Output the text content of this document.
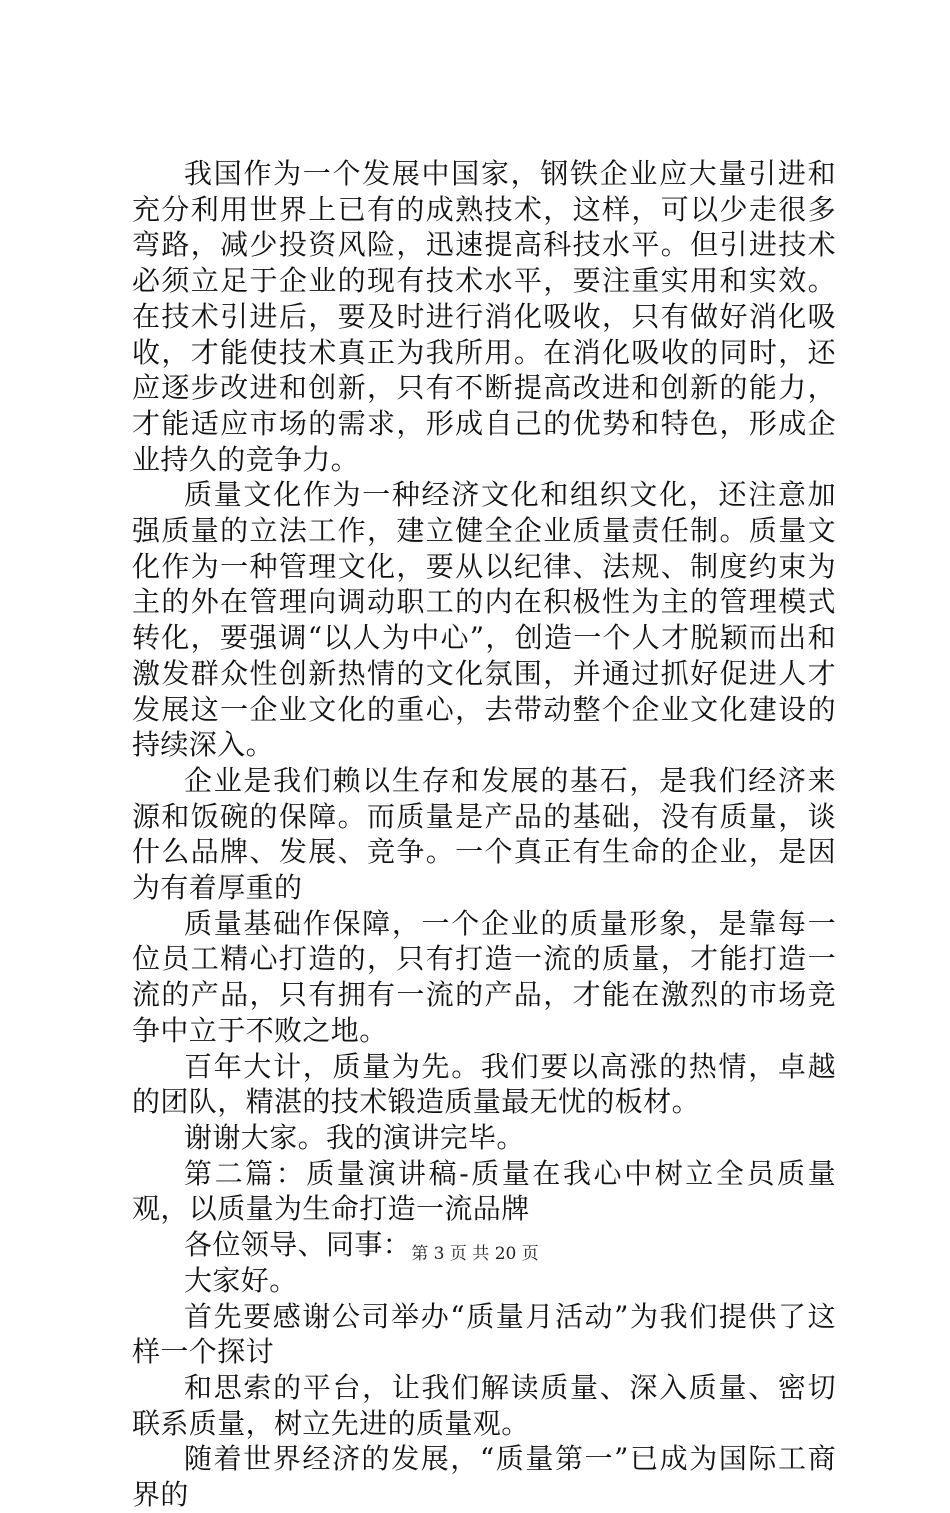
我国作为一个发展中国家，钢铁企业应大量引进和充分利用世界上已有的成熟技术，这样，可以少走很多弯路，减少投资风险，迅速提高科技水平。但引进技术必须立足于企业的现有技术水平，要注重实用和实效。在技术引进后，要及时进行消化吸收，只有做好消化吸收，才能使技术真正为我所用。在消化吸收的同时，还应逐步改进和创新，只有不断提高改进和创新的能力，才能适应市场的需求，形成自己的优势和特色，形成企业持久的竞争力。

质量文化作为一种经济文化和组织文化，还注意加强质量的立法工作，建立健全企业质量责任制。质量文化作为一种管理文化，要从以纪律、法规、制度约束为主的外在管理向调动职工的内在积极性为主的管理模式转化，要强调“以人为中心”，创造一个人才脱颖而出和激发群众性创新热情的文化氛围，并通过抓好促进人才发展这一企业文化的重心，去带动整个企业文化建设的持续深入。

企业是我们赖以生存和发展的基石，是我们经济来源和饭碗的保障。而质量是产品的基础，没有质量，谈什么品牌、发展、竞争。一个真正有生命的企业，是因为有着厚重的

质量基础作保障，一个企业的质量形象，是靠每一位员工精心打造的，只有打造一流的质量，才能打造一流的产品，只有拥有一流的产品，才能在激烈的市场竞争中立于不败之地。

百年大计，质量为先。我们要以高涨的热情，卓越的团队，精湛的技术锻造质量最无忧的板材。

谢谢大家。我的演讲完毕。

第二篇：质量演讲稿-质量在我心中树立全员质量观，以质量为生命打造一流品牌

各位领导、同事：

大家好。

首先要感谢公司举办“质量月活动”为我们提供了这样一个探讨

和思索的平台，让我们解读质量、深入质量、密切联系质量，树立先进的质量观。

随着世界经济的发展，“质量第一”已成为国际工商界的

第 3 页 共 20 页
